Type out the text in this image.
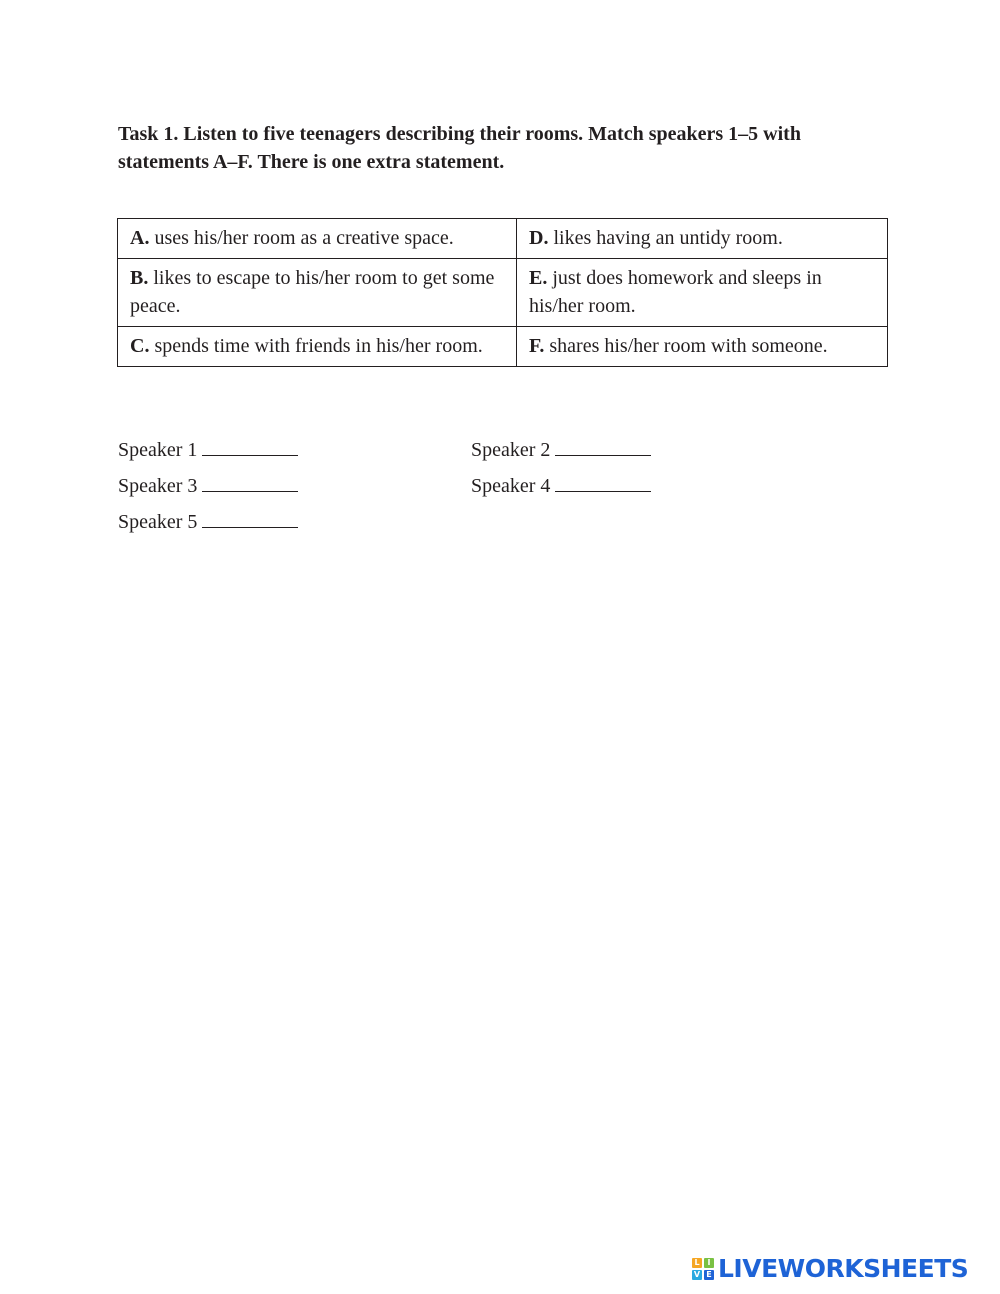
Task 1. Listen to five teenagers describing their rooms. Match speakers 1–5 with statements A–F. There is one extra statement.

A. uses his/her room as a creative space.	D. likes having an untidy room.
B. likes to escape to his/her room to get some peace.	E. just does homework and sleeps in his/her room.
C. spends time with friends in his/her room.	F. shares his/her room with someone.
Speaker 1	Speaker 2
Speaker 3	Speaker 4
Speaker 5
L I
V E LIVEWORKSHEETS
